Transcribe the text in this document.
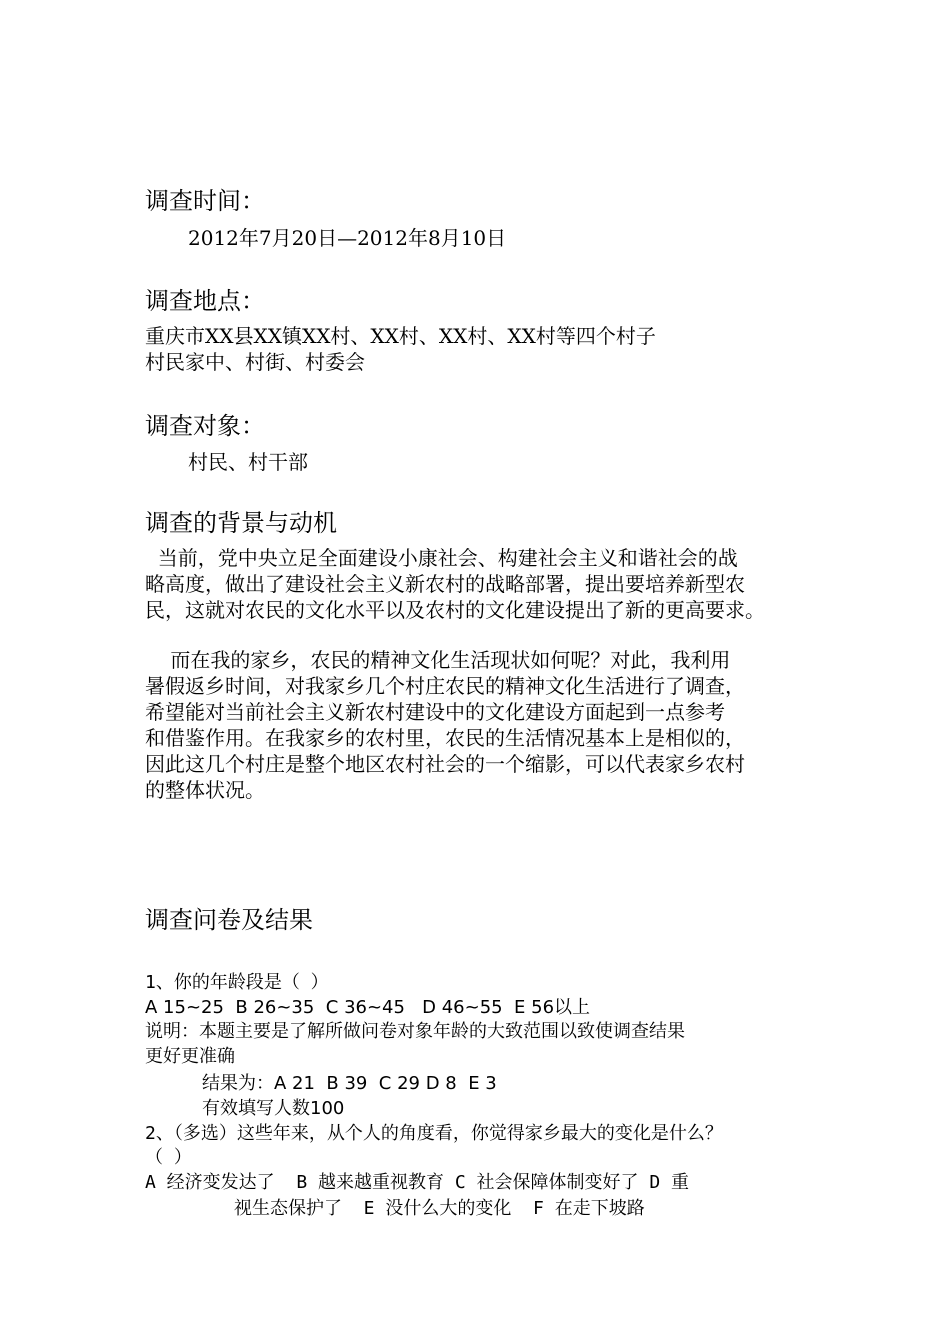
调查时间：
2012年7月20日—2012年8月10日
调查地点：
重庆市XX县XX镇XX村、XX村、XX村、XX村等四个村子
村民家中、村街、村委会
调查对象：
村民、村干部
调查的背景与动机
当前，党中央立足全面建设小康社会、构建社会主义和谐社会的战
略高度，做出了建设社会主义新农村的战略部署，提出要培养新型农
民，这就对农民的文化水平以及农村的文化建设提出了新的更高要求。
而在我的家乡，农民的精神文化生活现状如何呢？对此，我利用
暑假返乡时间，对我家乡几个村庄农民的精神文化生活进行了调查，
希望能对当前社会主义新农村建设中的文化建设方面起到一点参考
和借鉴作用。在我家乡的农村里，农民的生活情况基本上是相似的，
因此这几个村庄是整个地区农村社会的一个缩影，可以代表家乡农村
的整体状况。
调查问卷及结果
1、你的年龄段是（ ）
A 15~25  B 26~35  C 36~45   D 46~55  E 56以上
说明：本题主要是了解所做问卷对象年龄的大致范围以致使调查结果
更好更准确
结果为：A 21  B 39  C 29 D 8  E 3
有效填写人数100
2、（多选）这些年来，从个人的角度看，你觉得家乡最大的变化是什么？
（ ）
A 经济变发达了  B 越来越重视教育 C 社会保障体制变好了 D 重
视生态保护了  E 没什么大的变化  F 在走下坡路
